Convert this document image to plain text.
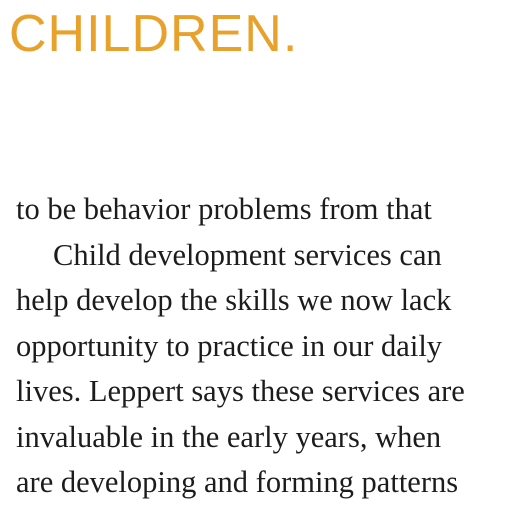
CHILDREN.
to be behavior problems from that
Child development services can
help develop the skills we now lack
opportunity to practice in our daily
lives. Leppert says these services are
invaluable in the early years, when
are developing and forming patterns
